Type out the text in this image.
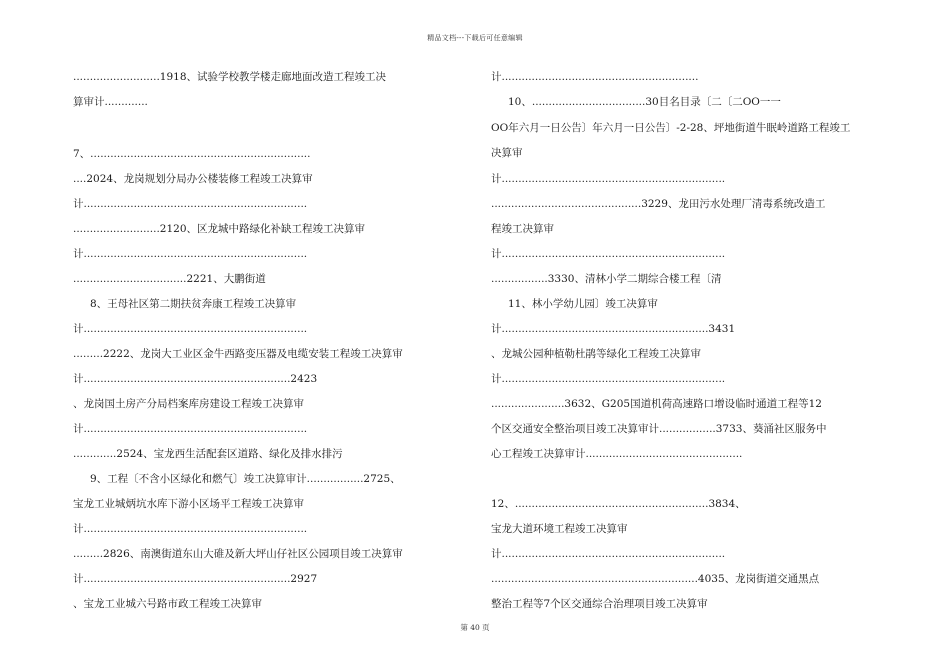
精品文档---下载后可任意编辑
..........................1918、试验学校教学楼走廊地面改造工程竣工决
算审计.............
7、..................................................................
....2024、龙岗规划分局办公楼装修工程竣工决算审
计...................................................................
..........................2120、区龙城中路绿化补缺工程竣工决算审
计...................................................................
..................................2221、大鹏街道
8、王母社区第二期扶贫奔康工程竣工决算审
计...................................................................
.........2222、龙岗大工业区金牛西路变压器及电缆安装工程竣工决算审
计..............................................................2423
、龙岗国土房产分局档案库房建设工程竣工决算审
计...................................................................
.............2524、宝龙西生活配套区道路、绿化及排水排污
9、工程〔不含小区绿化和燃气〕竣工决算审计.................2725、
宝龙工业城炳坑水库下游小区场平工程竣工决算审
计...................................................................
.........2826、南澳街道东山大碓及新大坪山仔社区公园项目竣工决算审
计..............................................................2927
、宝龙工业城六号路市政工程竣工决算审
计...........................................................
10、..................................30目名目录〔二〔二OO一一
OO年六月一日公告〕年六月一日公告〕-2-28、坪地街道牛眠岭道路工程竣工
决算审
计...................................................................
.............................................3229、龙田污水处理厂清毒系统改造工
程竣工决算审
计...................................................................
.................3330、清林小学二期综合楼工程〔清
11、林小学幼儿园〕竣工决算审
计..............................................................3431
、龙城公园种植勒杜鹃等绿化工程竣工决算审
计...................................................................
......................3632、G205国道机荷高速路口增设临时通道工程等12
个区交通安全整治项目竣工决算审计.................3733、葵涌社区服务中
心工程竣工决算审计...............................................
12、..........................................................3834、
宝龙大道环境工程竣工决算审
计...................................................................
..............................................................4035、龙岗街道交通黑点
整治工程等7个区交通综合治理项目竣工决算审
第 40 页
